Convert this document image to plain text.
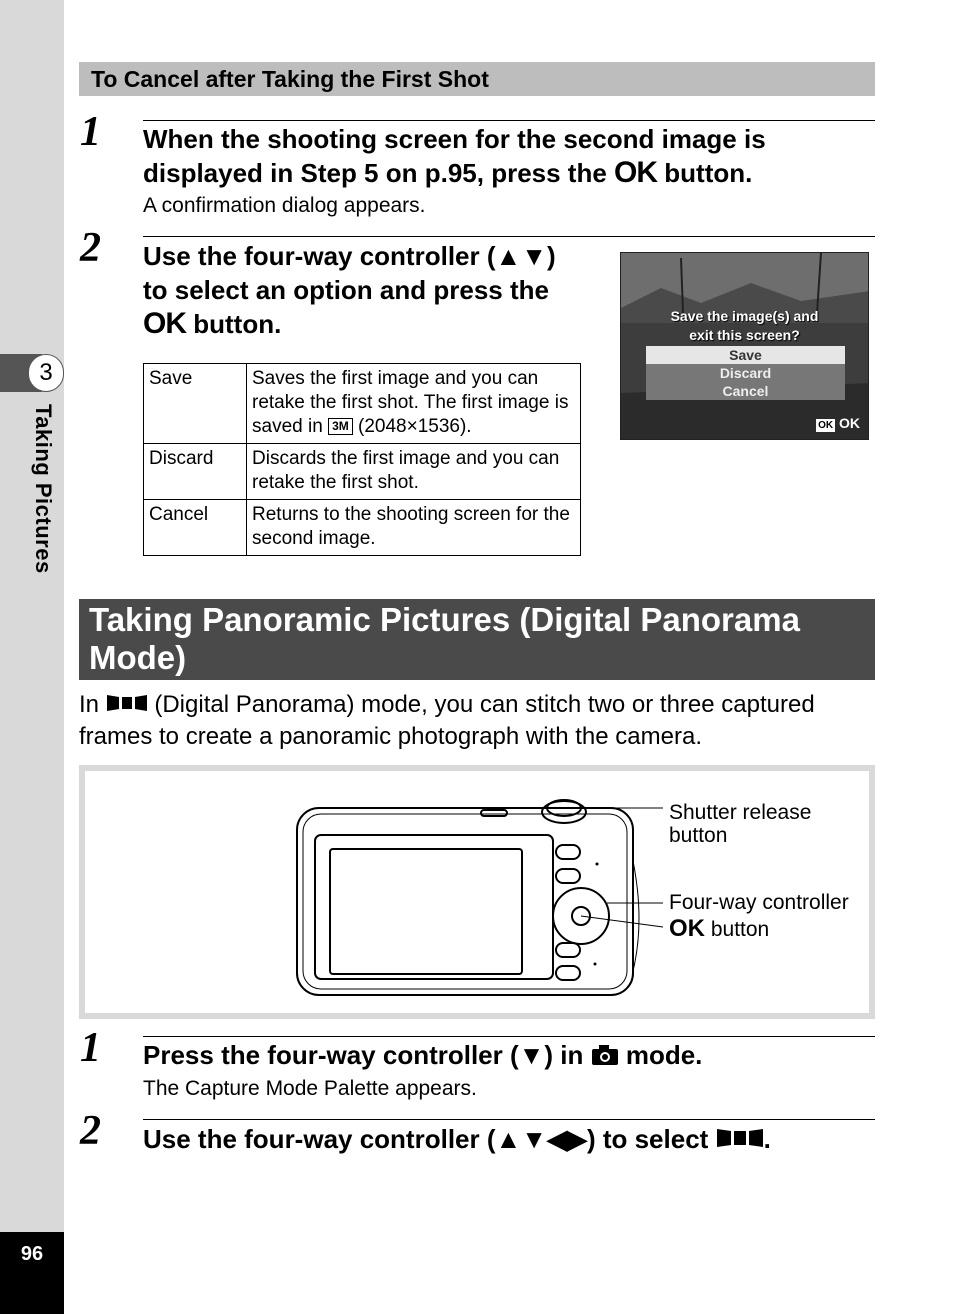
3
Taking Pictures
96
To Cancel after Taking the First Shot
1 When the shooting screen for the second image is
displayed in Step 5 on p.95, press the OK button.
A confirmation dialog appears.
2 Use the four-way controller (▲▼)
to select an option and press the
OK button.
Save	Saves the first image and you can retake the first shot. The first image is saved in 3M (2048×1536).
Discard	Discards the first image and you can retake the first shot.
Cancel	Returns to the shooting screen for the second image.
Save the image(s) and
exit this screen?
Save
Discard
Cancel
OK OK
Taking Panoramic Pictures (Digital Panorama
Mode)
In (Digital Panorama) mode, you can stitch two or three captured
frames to create a panoramic photograph with the camera.
Shutter release
button
Four-way controller
OK button
1 Press the four-way controller (▼) in mode.
The Capture Mode Palette appears.
2 Use the four-way controller (▲▼◀▶) to select .
